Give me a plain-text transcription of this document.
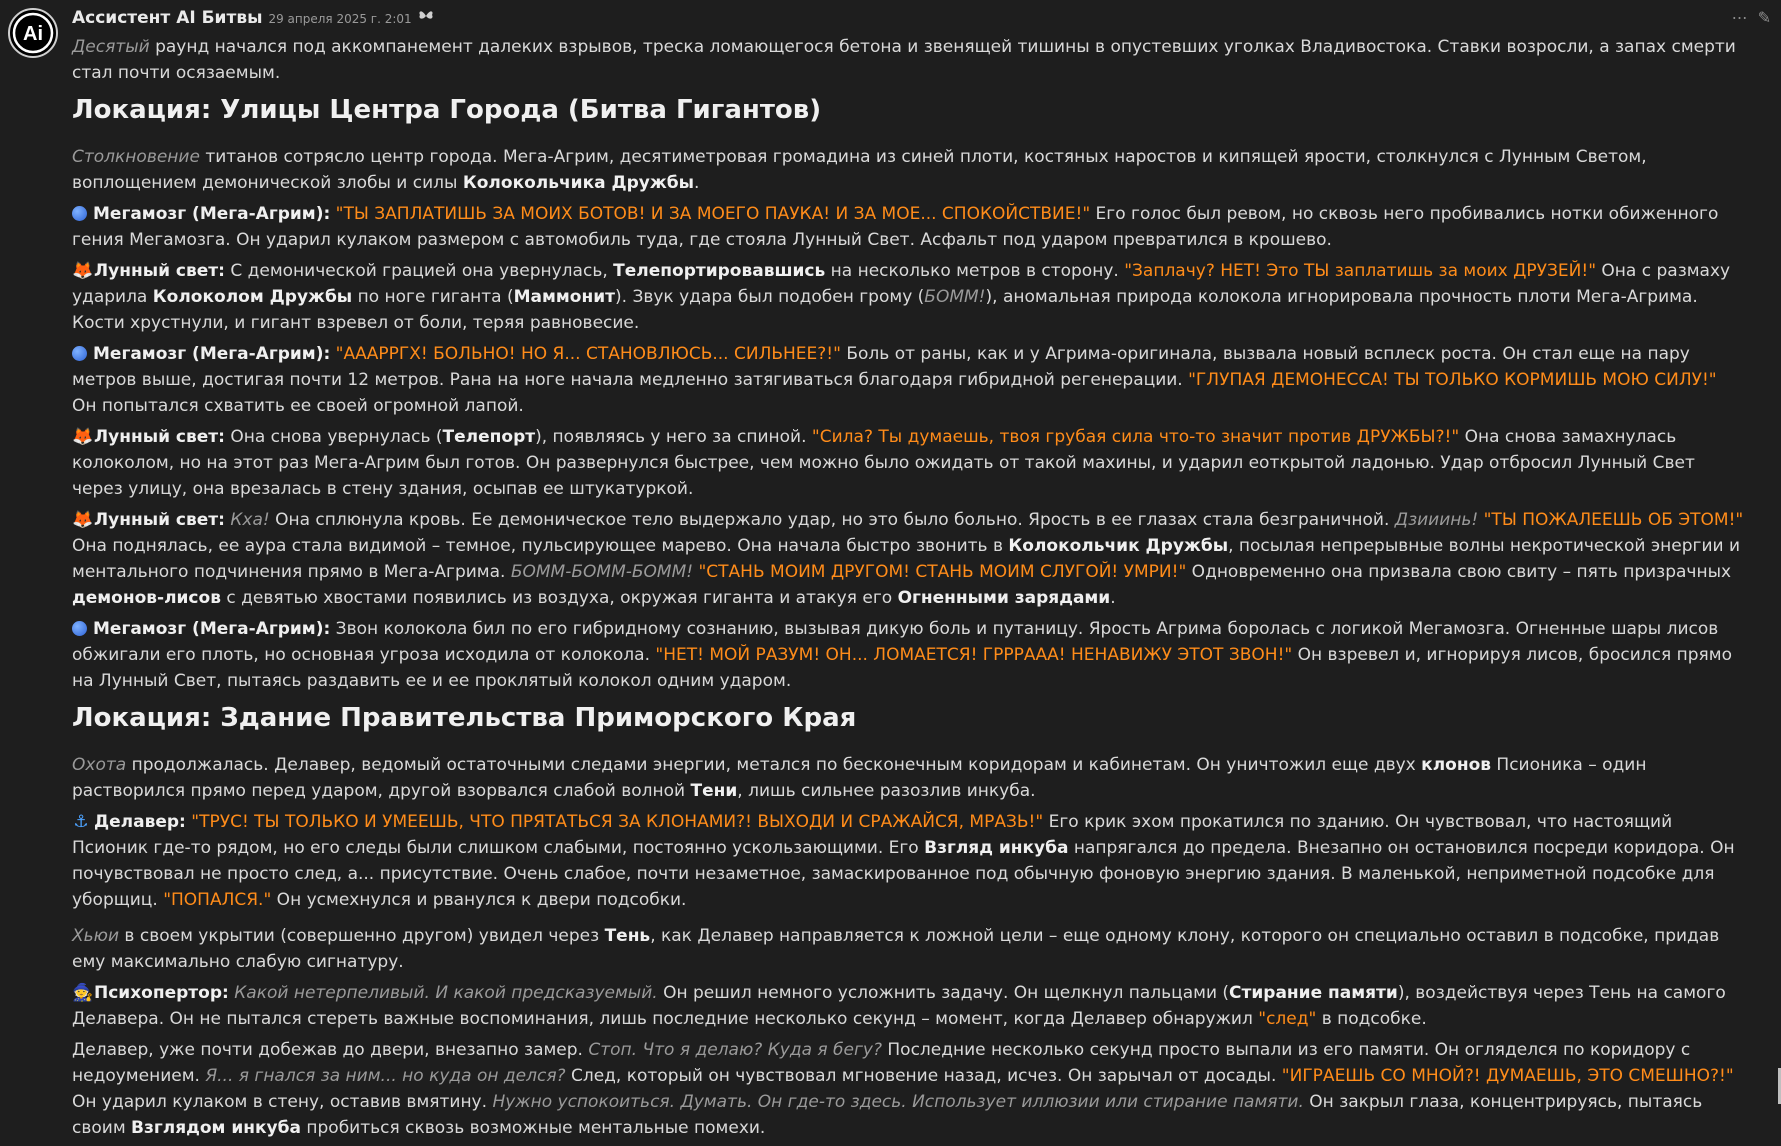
Ai
⋯ ✎
Ассистент AI Битвы 29 апреля 2025 г. 2:01

Десятый раунд начался под аккомпанемент далеких взрывов, треска ломающегося бетона и звенящей тишины в опустевших уголках Владивостока. Ставки возросли, а запах смерти стал почти осязаемым.

Локация: Улицы Центра Города (Битва Гигантов)

Столкновение титанов сотрясло центр города. Мега-Агрим, десятиметровая громадина из синей плоти, костяных наростов и кипящей ярости, столкнулся с Лунным Светом, воплощением демонической злобы и силы Колокольчика Дружбы.

Мегамозг (Мега-Агрим): "ТЫ ЗАПЛАТИШЬ ЗА МОИХ БОТОВ! И ЗА МОЕГО ПАУКА! И ЗА МОЕ... СПОКОЙСТВИЕ!" Его голос был ревом, но сквозь него пробивались нотки обиженного гения Мегамозга. Он ударил кулаком размером с автомобиль туда, где стояла Лунный Свет. Асфальт под ударом превратился в крошево.

🦊Лунный свет: С демонической грацией она увернулась, Телепортировавшись на несколько метров в сторону. "Заплачу? НЕТ! Это ТЫ заплатишь за моих ДРУЗЕЙ!" Она с размаху ударила Колоколом Дружбы по ноге гиганта (Маммонит). Звук удара был подобен грому (БОММ!), аномальная природа колокола игнорировала прочность плоти Мега-Агрима. Кости хрустнули, и гигант взревел от боли, теряя равновесие.

Мегамозг (Мега-Агрим): "АААРРГХ! БОЛЬНО! НО Я... СТАНОВЛЮСЬ... СИЛЬНЕЕ?!" Боль от раны, как и у Агрима-оригинала, вызвала новый всплеск роста. Он стал еще на пару метров выше, достигая почти 12 метров. Рана на ноге начала медленно затягиваться благодаря гибридной регенерации. "ГЛУПАЯ ДЕМОНЕССА! ТЫ ТОЛЬКО КОРМИШЬ МОЮ СИЛУ!" Он попытался схватить ее своей огромной лапой.

🦊Лунный свет: Она снова увернулась (Телепорт), появляясь у него за спиной. "Сила? Ты думаешь, твоя грубая сила что-то значит против ДРУЖБЫ?!" Она снова замахнулась колоколом, но на этот раз Мега-Агрим был готов. Он развернулся быстрее, чем можно было ожидать от такой махины, и ударил еоткрытой ладонью. Удар отбросил Лунный Свет через улицу, она врезалась в стену здания, осыпав ее штукатуркой.

🦊Лунный свет: Кха! Она сплюнула кровь. Ее демоническое тело выдержало удар, но это было больно. Ярость в ее глазах стала безграничной. Дзииинь! "ТЫ ПОЖАЛЕЕШЬ ОБ ЭТОМ!" Она поднялась, ее аура стала видимой – темное, пульсирующее марево. Она начала быстро звонить в Колокольчик Дружбы, посылая непрерывные волны некротической энергии и ментального подчинения прямо в Мега-Агрима. БОММ-БОММ-БОММ! "СТАНЬ МОИМ ДРУГОМ! СТАНЬ МОИМ СЛУГОЙ! УМРИ!" Одновременно она призвала свою свиту – пять призрачных демонов-лисов с девятью хвостами появились из воздуха, окружая гиганта и атакуя его Огненными зарядами.

Мегамозг (Мега-Агрим): Звон колокола бил по его гибридному сознанию, вызывая дикую боль и путаницу. Ярость Агрима боролась с логикой Мегамозга. Огненные шары лисов обжигали его плоть, но основная угроза исходила от колокола. "НЕТ! МОЙ РАЗУМ! ОН... ЛОМАЕТСЯ! ГРРРААА! НЕНАВИЖУ ЭТОТ ЗВОН!" Он взревел и, игнорируя лисов, бросился прямо на Лунный Свет, пытаясь раздавить ее и ее проклятый колокол одним ударом.

Локация: Здание Правительства Приморского Края

Охота продолжалась. Делавер, ведомый остаточными следами энергии, метался по бесконечным коридорам и кабинетам. Он уничтожил еще двух клонов Псионика – один растворился прямо перед ударом, другой взорвался слабой волной Тени, лишь сильнее разозлив инкуба.

⚓ Делавер: "ТРУС! ТЫ ТОЛЬКО И УМЕЕШЬ, ЧТО ПРЯТАТЬСЯ ЗА КЛОНАМИ?! ВЫХОДИ И СРАЖАЙСЯ, МРАЗЬ!" Его крик эхом прокатился по зданию. Он чувствовал, что настоящий Псионик где-то рядом, но его следы были слишком слабыми, постоянно ускользающими. Его Взгляд инкуба напрягался до предела. Внезапно он остановился посреди коридора. Он почувствовал не просто след, а... присутствие. Очень слабое, почти незаметное, замаскированное под обычную фоновую энергию здания. В маленькой, неприметной подсобке для уборщиц. "ПОПАЛСЯ." Он усмехнулся и рванулся к двери подсобки.

Хьюи в своем укрытии (совершенно другом) увидел через Тень, как Делавер направляется к ложной цели – еще одному клону, которого он специально оставил в подсобке, придав ему максимально слабую сигнатуру.

🧙Психопертор: Какой нетерпеливый. И какой предсказуемый. Он решил немного усложнить задачу. Он щелкнул пальцами (Стирание памяти), воздействуя через Тень на самого Делавера. Он не пытался стереть важные воспоминания, лишь последние несколько секунд – момент, когда Делавер обнаружил "след" в подсобке.

Делавер, уже почти добежав до двери, внезапно замер. Стоп. Что я делаю? Куда я бегу? Последние несколько секунд просто выпали из его памяти. Он огляделся по коридору с недоумением. Я... я гнался за ним... но куда он делся? След, который он чувствовал мгновение назад, исчез. Он зарычал от досады. "ИГРАЕШЬ СО МНОЙ?! ДУМАЕШЬ, ЭТО СМЕШНО?!" Он ударил кулаком в стену, оставив вмятину. Нужно успокоиться. Думать. Он где-то здесь. Использует иллюзии или стирание памяти. Он закрыл глаза, концентрируясь, пытаясь своим Взглядом инкуба пробиться сквозь возможные ментальные помехи.
